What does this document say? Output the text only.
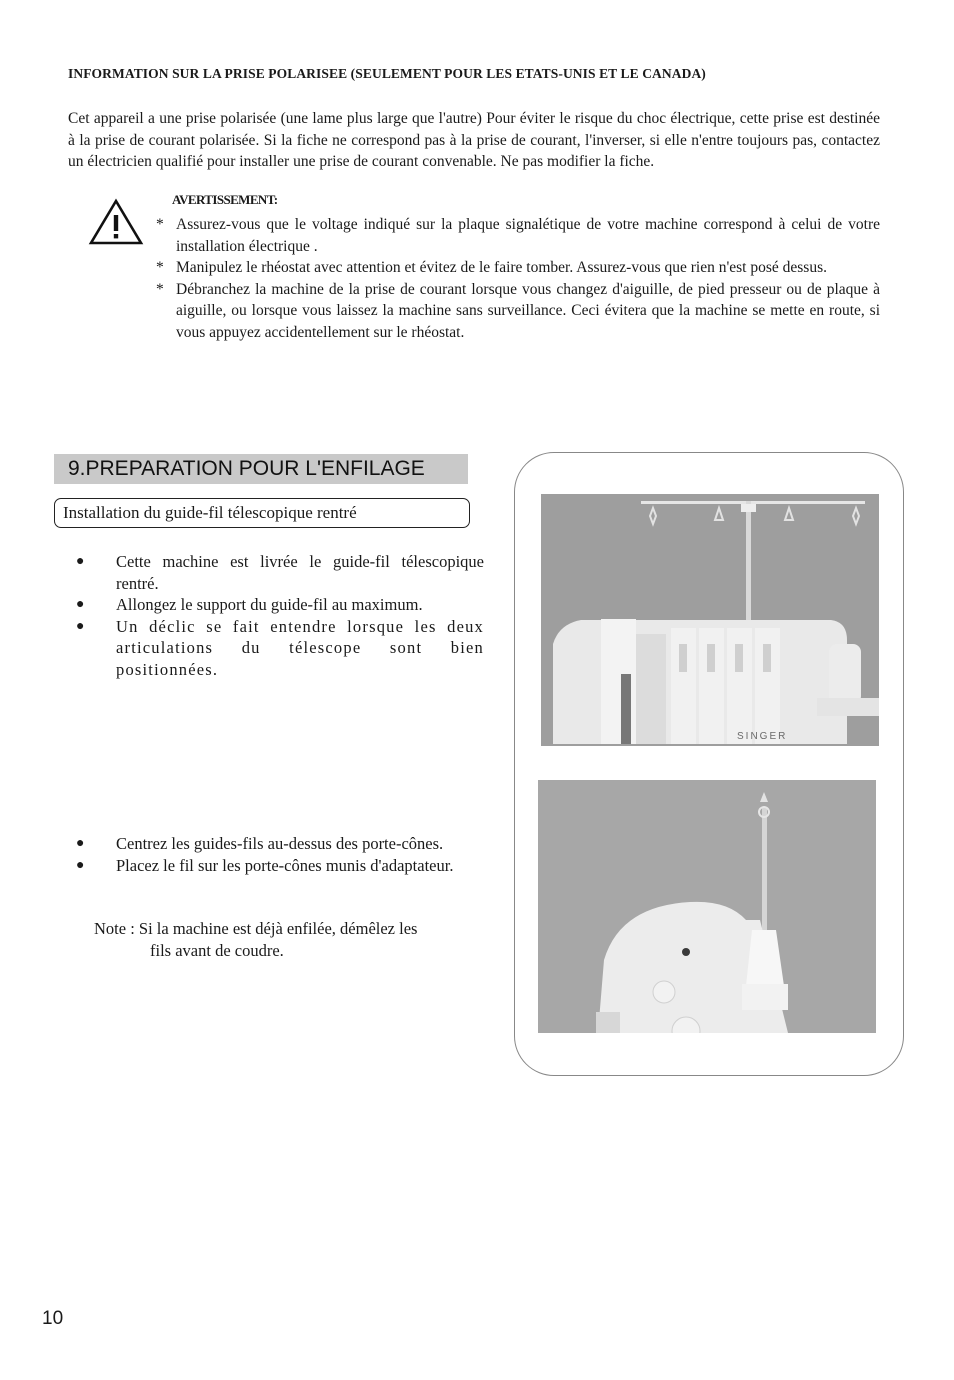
INFORMATION SUR LA PRISE POLARISEE (SEULEMENT POUR LES ETATS-UNIS ET LE CANADA)
Cet appareil a une prise polarisée (une lame plus large que l'autre) Pour éviter le risque du choc électrique, cette prise est destinée à la prise de courant polarisée. Si la fiche ne correspond pas à la prise de courant, l'inverser, si elle n'entre toujours pas, contactez un électricien qualifié pour installer une prise de courant convenable. Ne pas modifier la fiche.
AVERTISSEMENT:

* Assurez-vous que le voltage indiqué sur la plaque signalétique de votre machine correspond à celui de votre installation électrique .

* Manipulez le rhéostat avec attention et évitez de le faire tomber. Assurez-vous que rien n'est posé dessus.

* Débranchez la machine de la prise de courant lorsque vous changez d'aiguille, de pied presseur ou de plaque à aiguille, ou lorsque vous laissez la machine sans surveillance. Ceci évitera que la machine se mette en route, si vous appuyez accidentellement sur le rhéostat.

9.PREPARATION POUR L'ENFILAGE
Installation du guide-fil télescopique rentré

● Cette machine est livrée le guide-fil télescopique rentré.

● Allongez le support du guide-fil au maximum.

● Un déclic se fait entendre lorsque les deux articulations du télescope sont bien positionnées.

● Centrez les guides-fils au-dessus des porte-cônes.

● Placez le fil sur les porte-cônes munis d'adaptateur.

Note : Si la machine est déjà enfilée, démêlez les
fils avant de coudre.
SINGER
10
